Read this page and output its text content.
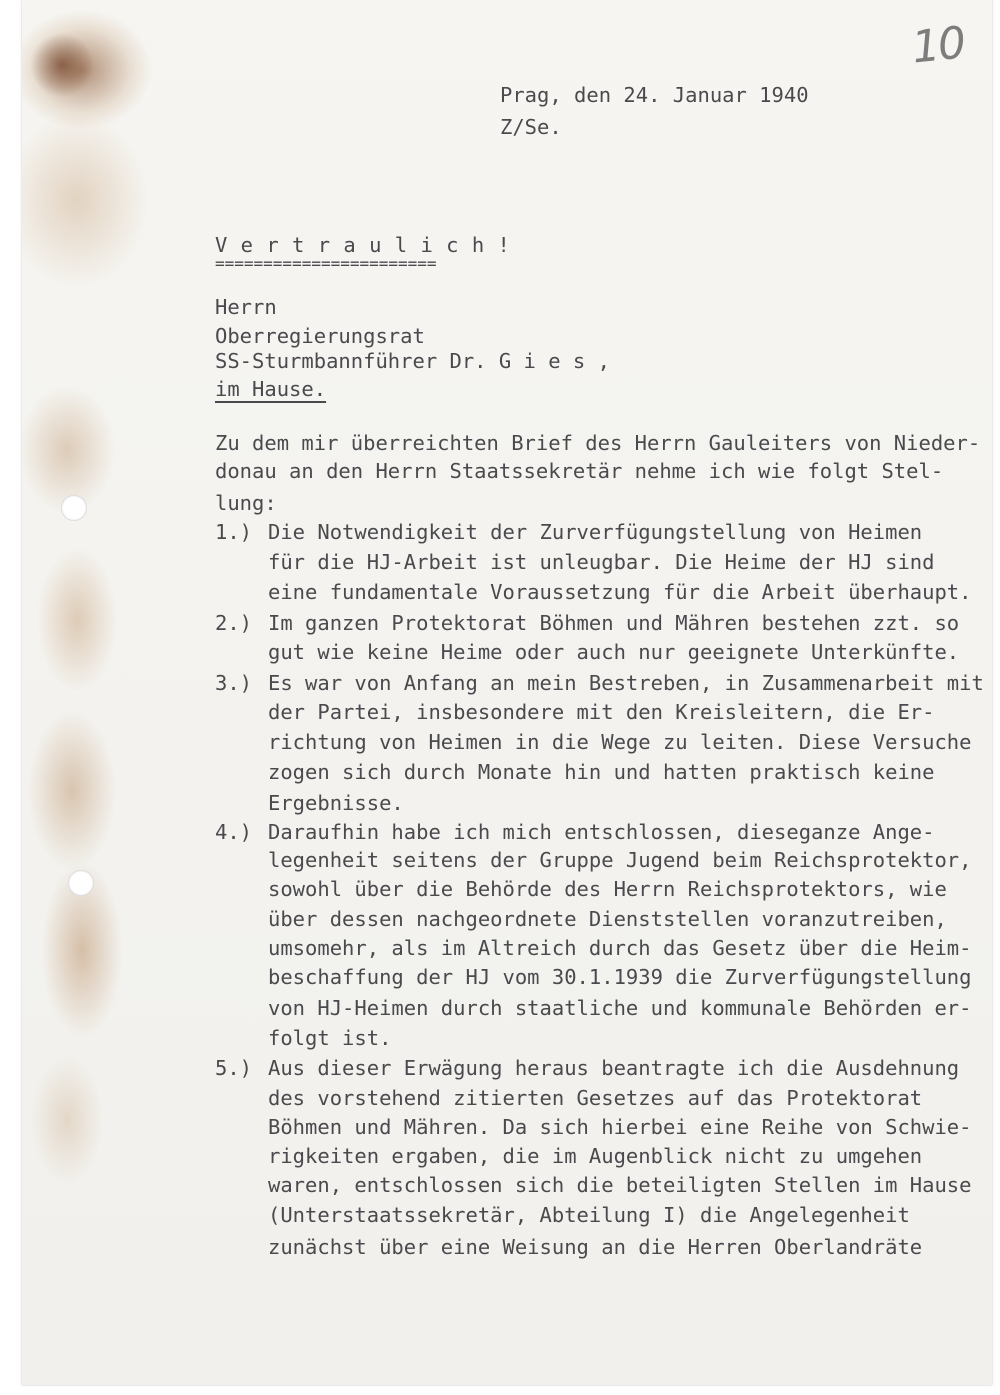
10
Prag, den 24. Januar 1940
Z/Se.
V e r t r a u l i c h !
=======================
Herrn
Oberregierungsrat
SS-Sturmbannführer Dr. G i e s ,
im Hause.
Zu dem mir überreichten Brief des Herrn Gauleiters von Nieder-
donau an den Herrn Staatssekretär nehme ich wie folgt Stel-
lung:
1.) Die Notwendigkeit der Zurverfügungstellung von Heimen
für die HJ-Arbeit ist unleugbar. Die Heime der HJ sind
eine fundamentale Voraussetzung für die Arbeit überhaupt.
2.) Im ganzen Protektorat Böhmen und Mähren bestehen zzt. so
gut wie keine Heime oder auch nur geeignete Unterkünfte.
3.) Es war von Anfang an mein Bestreben, in Zusammenarbeit mit
der Partei, insbesondere mit den Kreisleitern, die Er-
richtung von Heimen in die Wege zu leiten. Diese Versuche
zogen sich durch Monate hin und hatten praktisch keine
Ergebnisse.
4.) Daraufhin habe ich mich entschlossen, dieseganze Ange-
legenheit seitens der Gruppe Jugend beim Reichsprotektor,
sowohl über die Behörde des Herrn Reichsprotektors, wie
über dessen nachgeordnete Dienststellen voranzutreiben,
umsomehr, als im Altreich durch das Gesetz über die Heim-
beschaffung der HJ vom 30.1.1939 die Zurverfügungstellung
von HJ-Heimen durch staatliche und kommunale Behörden er-
folgt ist.
5.) Aus dieser Erwägung heraus beantragte ich die Ausdehnung
des vorstehend zitierten Gesetzes auf das Protektorat
Böhmen und Mähren. Da sich hierbei eine Reihe von Schwie-
rigkeiten ergaben, die im Augenblick nicht zu umgehen
waren, entschlossen sich die beteiligten Stellen im Hause
(Unterstaatssekretär, Abteilung I) die Angelegenheit
zunächst über eine Weisung an die Herren Oberlandräte
